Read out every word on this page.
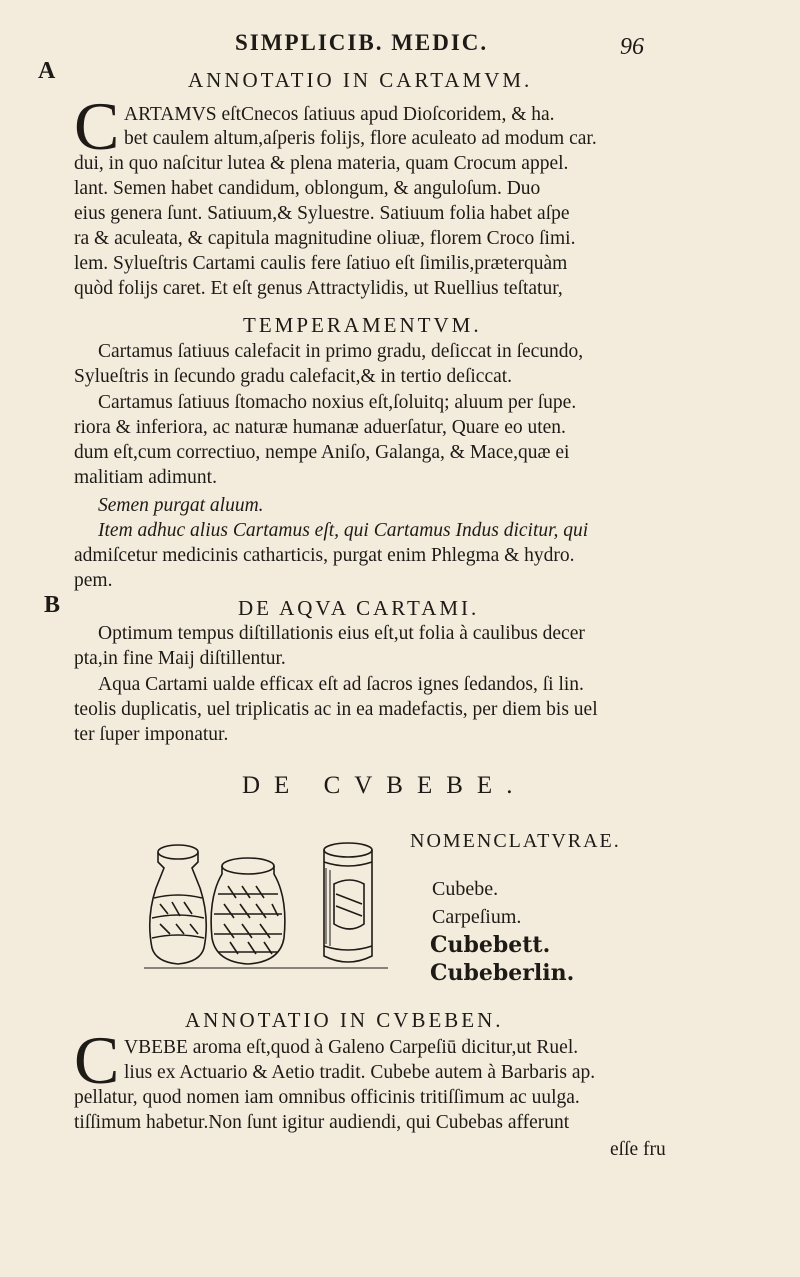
SIMPLICIB. MEDIC.	96
A
B
ANNOTATIO IN CARTAMVM.
C ARTAMVS eſtCnecos ſatiuus apud Dioſcoridem, & ha.
bet caulem altum,aſperis folijs, flore aculeato ad modum car.
dui, in quo naſcitur lutea & plena materia, quam Crocum appel.
lant. Semen habet candidum, oblongum, & anguloſum. Duo
eius genera ſunt. Satiuum,& Syluestre. Satiuum folia habet aſpe
ra & aculeata, & capitula magnitudine oliuæ, florem Croco ſimi.
lem. Sylueſtris Cartami caulis fere ſatiuo eſt ſimilis,præterquàm
quòd folijs caret. Et eſt genus Attractylidis, ut Ruellius teſtatur,
TEMPERAMENTVM.
Cartamus ſatiuus calefacit in primo gradu, deſiccat in ſecundo,
Sylueſtris in ſecundo gradu calefacit,& in tertio deſiccat.
Cartamus ſatiuus ſtomacho noxius eſt,ſoluitq; aluum per ſupe.
riora & inferiora, ac naturæ humanæ aduerſatur, Quare eo uten.
dum eſt,cum correctiuo, nempe Aniſo, Galanga, & Mace,quæ ei
malitiam adimunt.
Semen purgat aluum.
Item adhuc alius Cartamus eſt, qui Cartamus Indus dicitur, qui
admiſcetur medicinis catharticis, purgat enim Phlegma & hydro.
pem.
DE AQVA CARTAMI.
Optimum tempus diſtillationis eius eſt,ut folia à caulibus decer
pta,in fine Maij diſtillentur.
Aqua Cartami ualde efficax eſt ad ſacros ignes ſedandos, ſi lin.
teolis duplicatis, uel triplicatis ac in ea madefactis, per diem bis uel
ter ſuper imponatur.
DE CVBEBE.
NOMENCLATVRAE.
Cubebe.
Carpeſium.
Cubebett.
Cubeberlin.
ANNOTATIO IN CVBEBEN.
C VBEBE aroma eſt,quod à Galeno Carpeſiū dicitur,ut Ruel.
lius ex Actuario & Aetio tradit. Cubebe autem à Barbaris ap.
pellatur, quod nomen iam omnibus officinis tritiſſimum ac uulga.
tiſſimum habetur.Non ſunt igitur audiendi, qui Cubebas afferunt
eſſe fru
